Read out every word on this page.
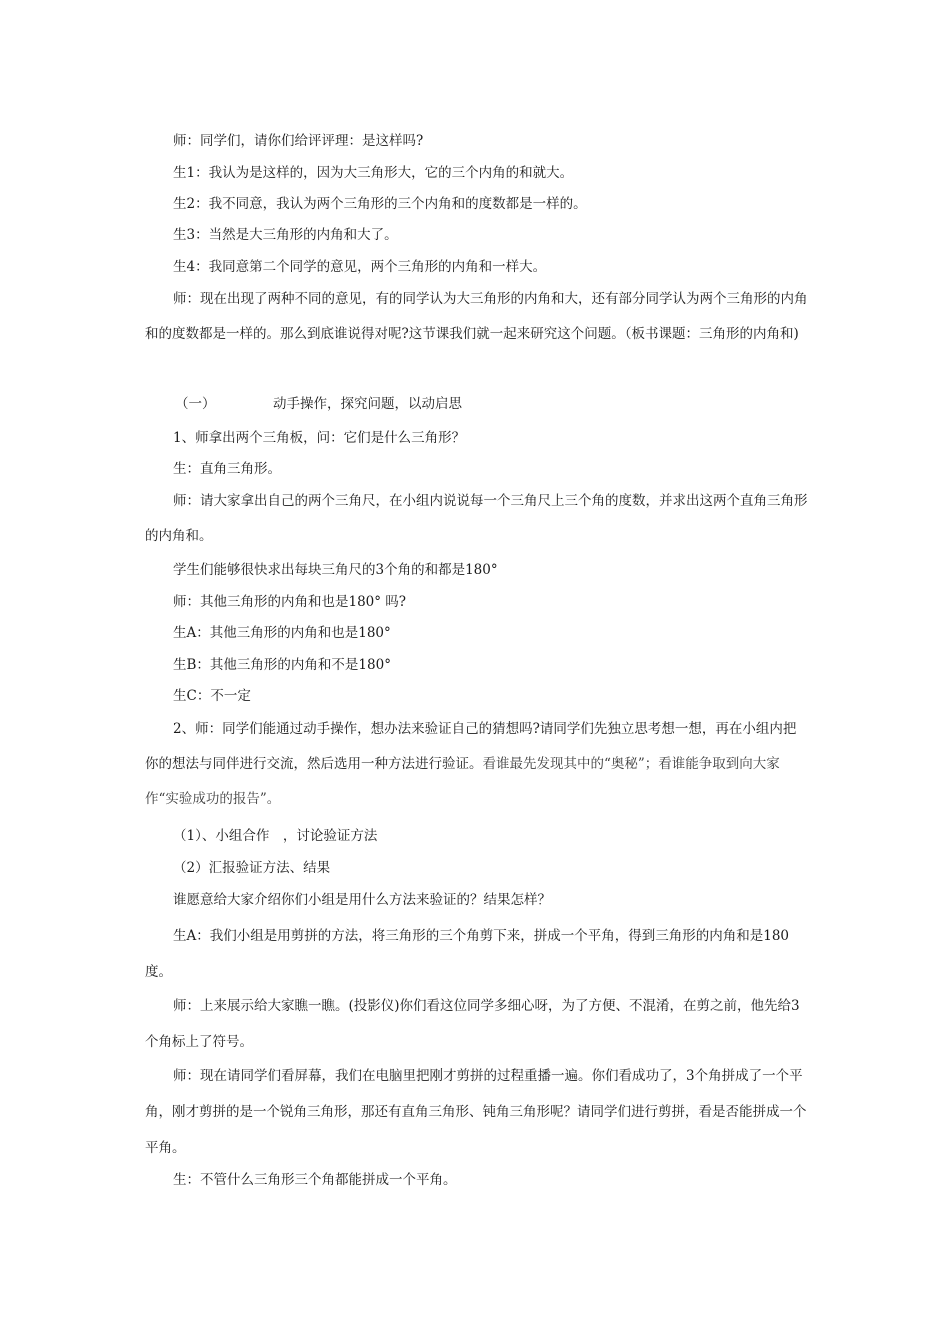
师：同学们，请你们给评评理：是这样吗?

生1：我认为是这样的，因为大三角形大，它的三个内角的和就大。

生2：我不同意，我认为两个三角形的三个内角和的度数都是一样的。

生3：当然是大三角形的内角和大了。

生4：我同意第二个同学的意见，两个三角形的内角和一样大。

师：现在出现了两种不同的意见，有的同学认为大三角形的内角和大，还有部分同学认为两个三角形的内角和的度数都是一样的。那么到底谁说得对呢?这节课我们就一起来研究这个问题。（板书课题：三角形的内角和)

（一）	动手操作，探究问题，以动启思

1、师拿出两个三角板，问：它们是什么三角形？

生：直角三角形。

师：请大家拿出自己的两个三角尺，在小组内说说每一个三角尺上三个角的度数，并求出这两个直角三角形的内角和。

学生们能够很快求出每块三角尺的3个角的和都是180°

师：其他三角形的内角和也是180° 吗?

生A：其他三角形的内角和也是180°

生B：其他三角形的内角和不是180°

生C：不一定

2、师：同学们能通过动手操作，想办法来验证自己的猜想吗?请同学们先独立思考想一想，再在小组内把你的想法与同伴进行交流，然后选用一种方法进行验证。看谁最先发现其中的“奥秘”；看谁能争取到向大家作“实验成功的报告”。

（1）、小组合作　，讨论验证方法

（2）汇报验证方法、结果

谁愿意给大家介绍你们小组是用什么方法来验证的？结果怎样？

生A：我们小组是用剪拼的方法，将三角形的三个角剪下来，拼成一个平角，得到三角形的内角和是180度。

师：上来展示给大家瞧一瞧。(投影仪)你们看这位同学多细心呀，为了方便、不混淆，在剪之前，他先给3个角标上了符号。

师：现在请同学们看屏幕，我们在电脑里把刚才剪拼的过程重播一遍。你们看成功了，3个角拼成了一个平角，刚才剪拼的是一个锐角三角形，那还有直角三角形、钝角三角形呢？请同学们进行剪拼，看是否能拼成一个平角。

生：不管什么三角形三个角都能拼成一个平角。
